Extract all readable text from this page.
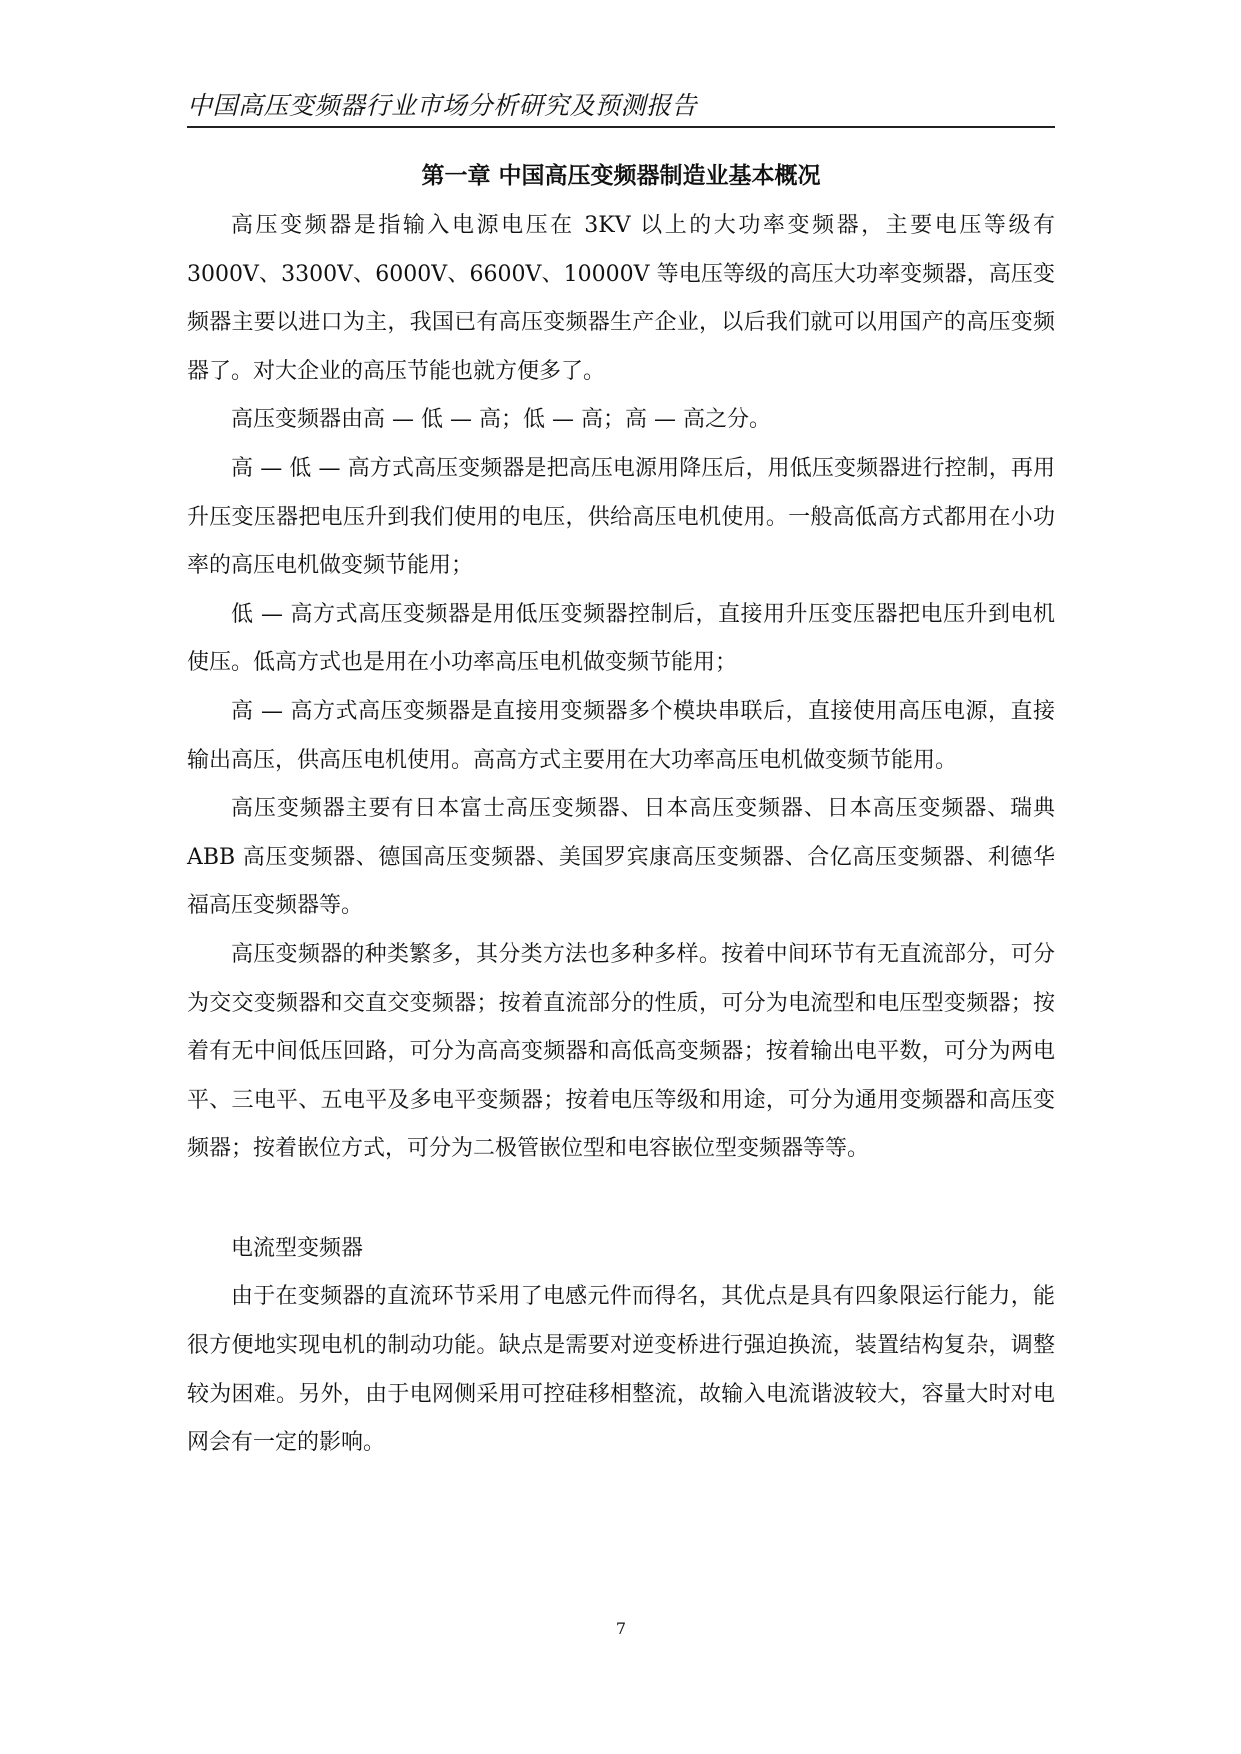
中国高压变频器行业市场分析研究及预测报告
第一章 中国高压变频器制造业基本概况

高压变频器是指输入电源电压在 3KV 以上的大功率变频器，主要电压等级有 3000V、3300V、6000V、6600V、10000V 等电压等级的高压大功率变频器，高压变频器主要以进口为主，我国已有高压变频器生产企业，以后我们就可以用国产的高压变频器了。对大企业的高压节能也就方便多了。

高压变频器由高 — 低 — 高；低 — 高；高 — 高之分。

高 — 低 — 高方式高压变频器是把高压电源用降压后，用低压变频器进行控制，再用升压变压器把电压升到我们使用的电压，供给高压电机使用。一般高低高方式都用在小功率的高压电机做变频节能用；

低 — 高方式高压变频器是用低压变频器控制后，直接用升压变压器把电压升到电机使压。低高方式也是用在小功率高压电机做变频节能用；

高 — 高方式高压变频器是直接用变频器多个模块串联后，直接使用高压电源，直接输出高压，供高压电机使用。高高方式主要用在大功率高压电机做变频节能用。

高压变频器主要有日本富士高压变频器、日本高压变频器、日本高压变频器、瑞典 ABB 高压变频器、德国高压变频器、美国罗宾康高压变频器、合亿高压变频器、利德华福高压变频器等。

高压变频器的种类繁多，其分类方法也多种多样。按着中间环节有无直流部分，可分为交交变频器和交直交变频器；按着直流部分的性质，可分为电流型和电压型变频器；按着有无中间低压回路，可分为高高变频器和高低高变频器；按着输出电平数，可分为两电平、三电平、五电平及多电平变频器；按着电压等级和用途，可分为通用变频器和高压变频器；按着嵌位方式，可分为二极管嵌位型和电容嵌位型变频器等等。

电流型变频器

由于在变频器的直流环节采用了电感元件而得名，其优点是具有四象限运行能力，能很方便地实现电机的制动功能。缺点是需要对逆变桥进行强迫换流，装置结构复杂，调整较为困难。另外，由于电网侧采用可控硅移相整流，故输入电流谐波较大，容量大时对电网会有一定的影响。

7
